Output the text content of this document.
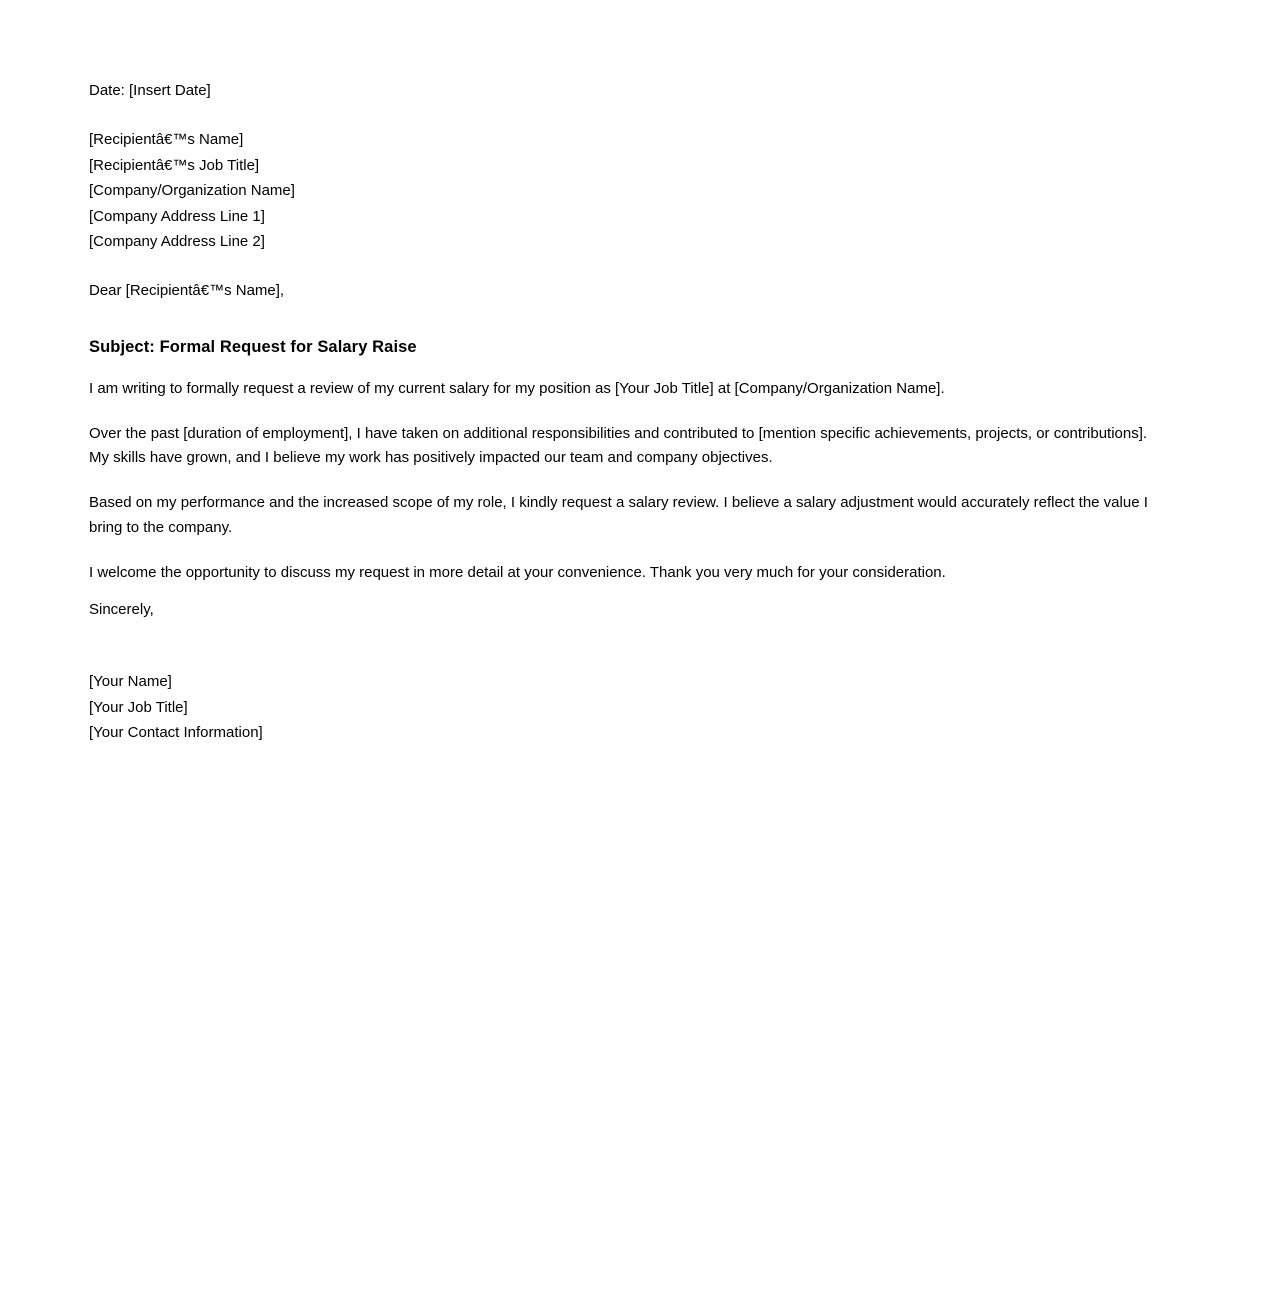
Date: [Insert Date]
[Recipientâ€™s Name]
[Recipientâ€™s Job Title]
[Company/Organization Name]
[Company Address Line 1]
[Company Address Line 2]
Dear [Recipientâ€™s Name],
Subject: Formal Request for Salary Raise

I am writing to formally request a review of my current salary for my position as [Your Job Title] at [Company/Organization Name].

Over the past [duration of employment], I have taken on additional responsibilities and contributed to [mention specific achievements, projects, or contributions]. My skills have grown, and I believe my work has positively impacted our team and company objectives.

Based on my performance and the increased scope of my role, I kindly request a salary review. I believe a salary adjustment would accurately reflect the value I bring to the company.

I welcome the opportunity to discuss my request in more detail at your convenience. Thank you very much for your consideration.

Sincerely,
[Your Name]
[Your Job Title]
[Your Contact Information]
